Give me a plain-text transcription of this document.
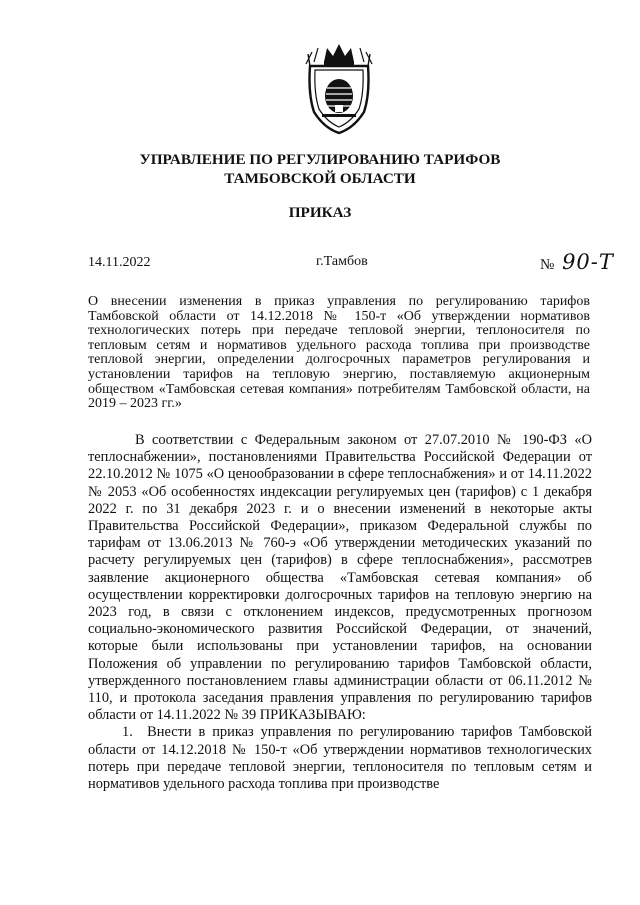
УПРАВЛЕНИЕ ПО РЕГУЛИРОВАНИЮ ТАРИФОВ
ТАМБОВСКОЙ ОБЛАСТИ
ПРИКАЗ
14.11.2022	г.Тамбов	№ 90-Т
О внесении изменения в приказ управления по регулированию тарифов Тамбовской области от 14.12.2018 № 150-т «Об утверждении нормативов технологических потерь при передаче тепловой энергии, теплоносителя по тепловым сетям и нормативов удельного расхода топлива при производстве тепловой энергии, определении долгосрочных параметров регулирования и установлении тарифов на тепловую энергию, поставляемую акционерным обществом «Тамбовская сетевая компания» потребителям Тамбовской области, на 2019 – 2023 гг.»

В соответствии с Федеральным законом от 27.07.2010 № 190-ФЗ «О теплоснабжении», постановлениями Правительства Российской Федерации от 22.10.2012 № 1075 «О ценообразовании в сфере теплоснабжения» и от 14.11.2022 № 2053 «Об особенностях индексации регулируемых цен (тарифов) с 1 декабря 2022 г. по 31 декабря 2023 г. и о внесении изменений в некоторые акты Правительства Российской Федерации», приказом Федеральной службы по тарифам от 13.06.2013 № 760-э «Об утверждении методических указаний по расчету регулируемых цен (тарифов) в сфере теплоснабжения», рассмотрев заявление акционерного общества «Тамбовская сетевая компания» об осуществлении корректировки долгосрочных тарифов на тепловую энергию на 2023 год, в связи с отклонением индексов, предусмотренных прогнозом социально-экономического развития Российской Федерации, от значений, которые были использованы при установлении тарифов, на основании Положения об управлении по регулированию тарифов Тамбовской области, утвержденного постановлением главы администрации области от 06.11.2012 № 110, и протокола заседания правления управления по регулированию тарифов области от 14.11.2022 № 39 ПРИКАЗЫВАЮ:

1. Внести в приказ управления по регулированию тарифов Тамбовской области от 14.12.2018 № 150-т «Об утверждении нормативов технологических потерь при передаче тепловой энергии, теплоносителя по тепловым сетям и нормативов удельного расхода топлива при производстве
